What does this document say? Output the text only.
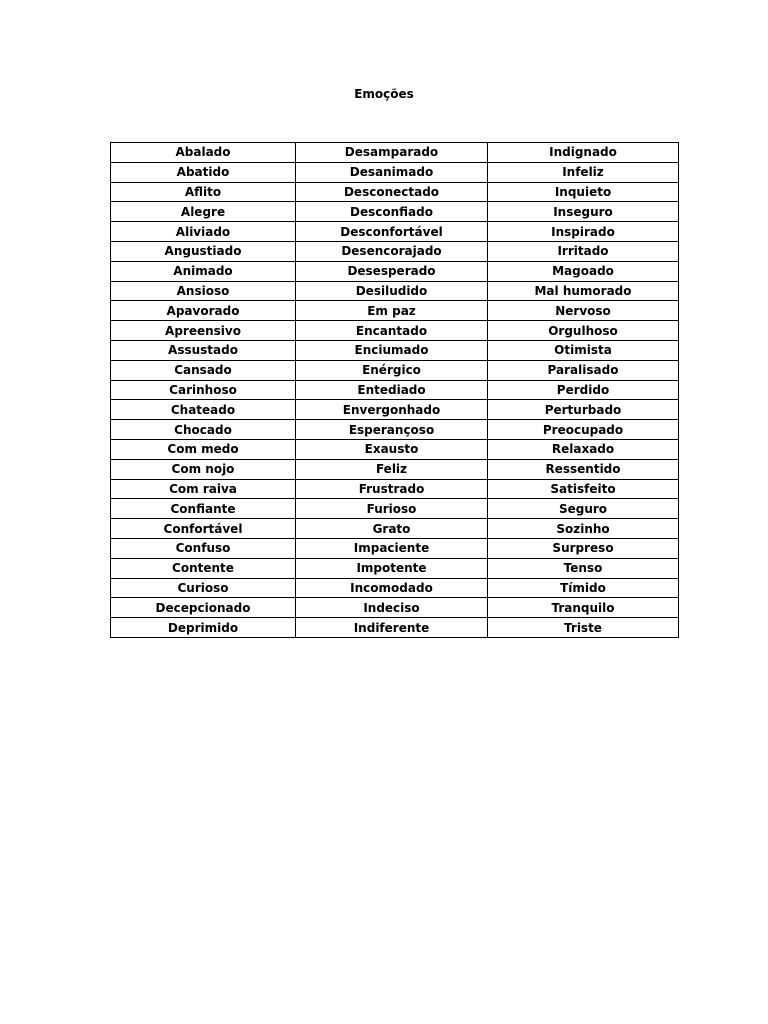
Emoções
Abalado	Desamparado	Indignado
Abatido	Desanimado	Infeliz
Aflito	Desconectado	Inquieto
Alegre	Desconfiado	Inseguro
Aliviado	Desconfortável	Inspirado
Angustiado	Desencorajado	Irritado
Animado	Desesperado	Magoado
Ansioso	Desiludido	Mal humorado
Apavorado	Em paz	Nervoso
Apreensivo	Encantado	Orgulhoso
Assustado	Enciumado	Otimista
Cansado	Enérgico	Paralisado
Carinhoso	Entediado	Perdido
Chateado	Envergonhado	Perturbado
Chocado	Esperançoso	Preocupado
Com medo	Exausto	Relaxado
Com nojo	Feliz	Ressentido
Com raiva	Frustrado	Satisfeito
Confiante	Furioso	Seguro
Confortável	Grato	Sozinho
Confuso	Impaciente	Surpreso
Contente	Impotente	Tenso
Curioso	Incomodado	Tímido
Decepcionado	Indeciso	Tranquilo
Deprimido	Indiferente	Triste
